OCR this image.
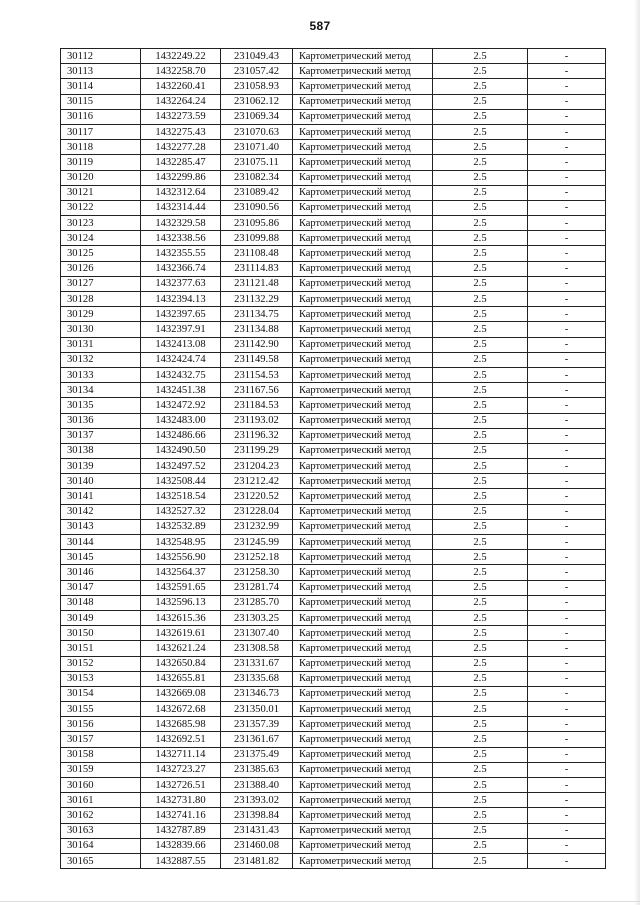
587
30112	1432249.22	231049.43	Картометрический метод	2.5	-
30113	1432258.70	231057.42	Картометрический метод	2.5	-
30114	1432260.41	231058.93	Картометрический метод	2.5	-
30115	1432264.24	231062.12	Картометрический метод	2.5	-
30116	1432273.59	231069.34	Картометрический метод	2.5	-
30117	1432275.43	231070.63	Картометрический метод	2.5	-
30118	1432277.28	231071.40	Картометрический метод	2.5	-
30119	1432285.47	231075.11	Картометрический метод	2.5	-
30120	1432299.86	231082.34	Картометрический метод	2.5	-
30121	1432312.64	231089.42	Картометрический метод	2.5	-
30122	1432314.44	231090.56	Картометрический метод	2.5	-
30123	1432329.58	231095.86	Картометрический метод	2.5	-
30124	1432338.56	231099.88	Картометрический метод	2.5	-
30125	1432355.55	231108.48	Картометрический метод	2.5	-
30126	1432366.74	231114.83	Картометрический метод	2.5	-
30127	1432377.63	231121.48	Картометрический метод	2.5	-
30128	1432394.13	231132.29	Картометрический метод	2.5	-
30129	1432397.65	231134.75	Картометрический метод	2.5	-
30130	1432397.91	231134.88	Картометрический метод	2.5	-
30131	1432413.08	231142.90	Картометрический метод	2.5	-
30132	1432424.74	231149.58	Картометрический метод	2.5	-
30133	1432432.75	231154.53	Картометрический метод	2.5	-
30134	1432451.38	231167.56	Картометрический метод	2.5	-
30135	1432472.92	231184.53	Картометрический метод	2.5	-
30136	1432483.00	231193.02	Картометрический метод	2.5	-
30137	1432486.66	231196.32	Картометрический метод	2.5	-
30138	1432490.50	231199.29	Картометрический метод	2.5	-
30139	1432497.52	231204.23	Картометрический метод	2.5	-
30140	1432508.44	231212.42	Картометрический метод	2.5	-
30141	1432518.54	231220.52	Картометрический метод	2.5	-
30142	1432527.32	231228.04	Картометрический метод	2.5	-
30143	1432532.89	231232.99	Картометрический метод	2.5	-
30144	1432548.95	231245.99	Картометрический метод	2.5	-
30145	1432556.90	231252.18	Картометрический метод	2.5	-
30146	1432564.37	231258.30	Картометрический метод	2.5	-
30147	1432591.65	231281.74	Картометрический метод	2.5	-
30148	1432596.13	231285.70	Картометрический метод	2.5	-
30149	1432615.36	231303.25	Картометрический метод	2.5	-
30150	1432619.61	231307.40	Картометрический метод	2.5	-
30151	1432621.24	231308.58	Картометрический метод	2.5	-
30152	1432650.84	231331.67	Картометрический метод	2.5	-
30153	1432655.81	231335.68	Картометрический метод	2.5	-
30154	1432669.08	231346.73	Картометрический метод	2.5	-
30155	1432672.68	231350.01	Картометрический метод	2.5	-
30156	1432685.98	231357.39	Картометрический метод	2.5	-
30157	1432692.51	231361.67	Картометрический метод	2.5	-
30158	1432711.14	231375.49	Картометрический метод	2.5	-
30159	1432723.27	231385.63	Картометрический метод	2.5	-
30160	1432726.51	231388.40	Картометрический метод	2.5	-
30161	1432731.80	231393.02	Картометрический метод	2.5	-
30162	1432741.16	231398.84	Картометрический метод	2.5	-
30163	1432787.89	231431.43	Картометрический метод	2.5	-
30164	1432839.66	231460.08	Картометрический метод	2.5	-
30165	1432887.55	231481.82	Картометрический метод	2.5	-
